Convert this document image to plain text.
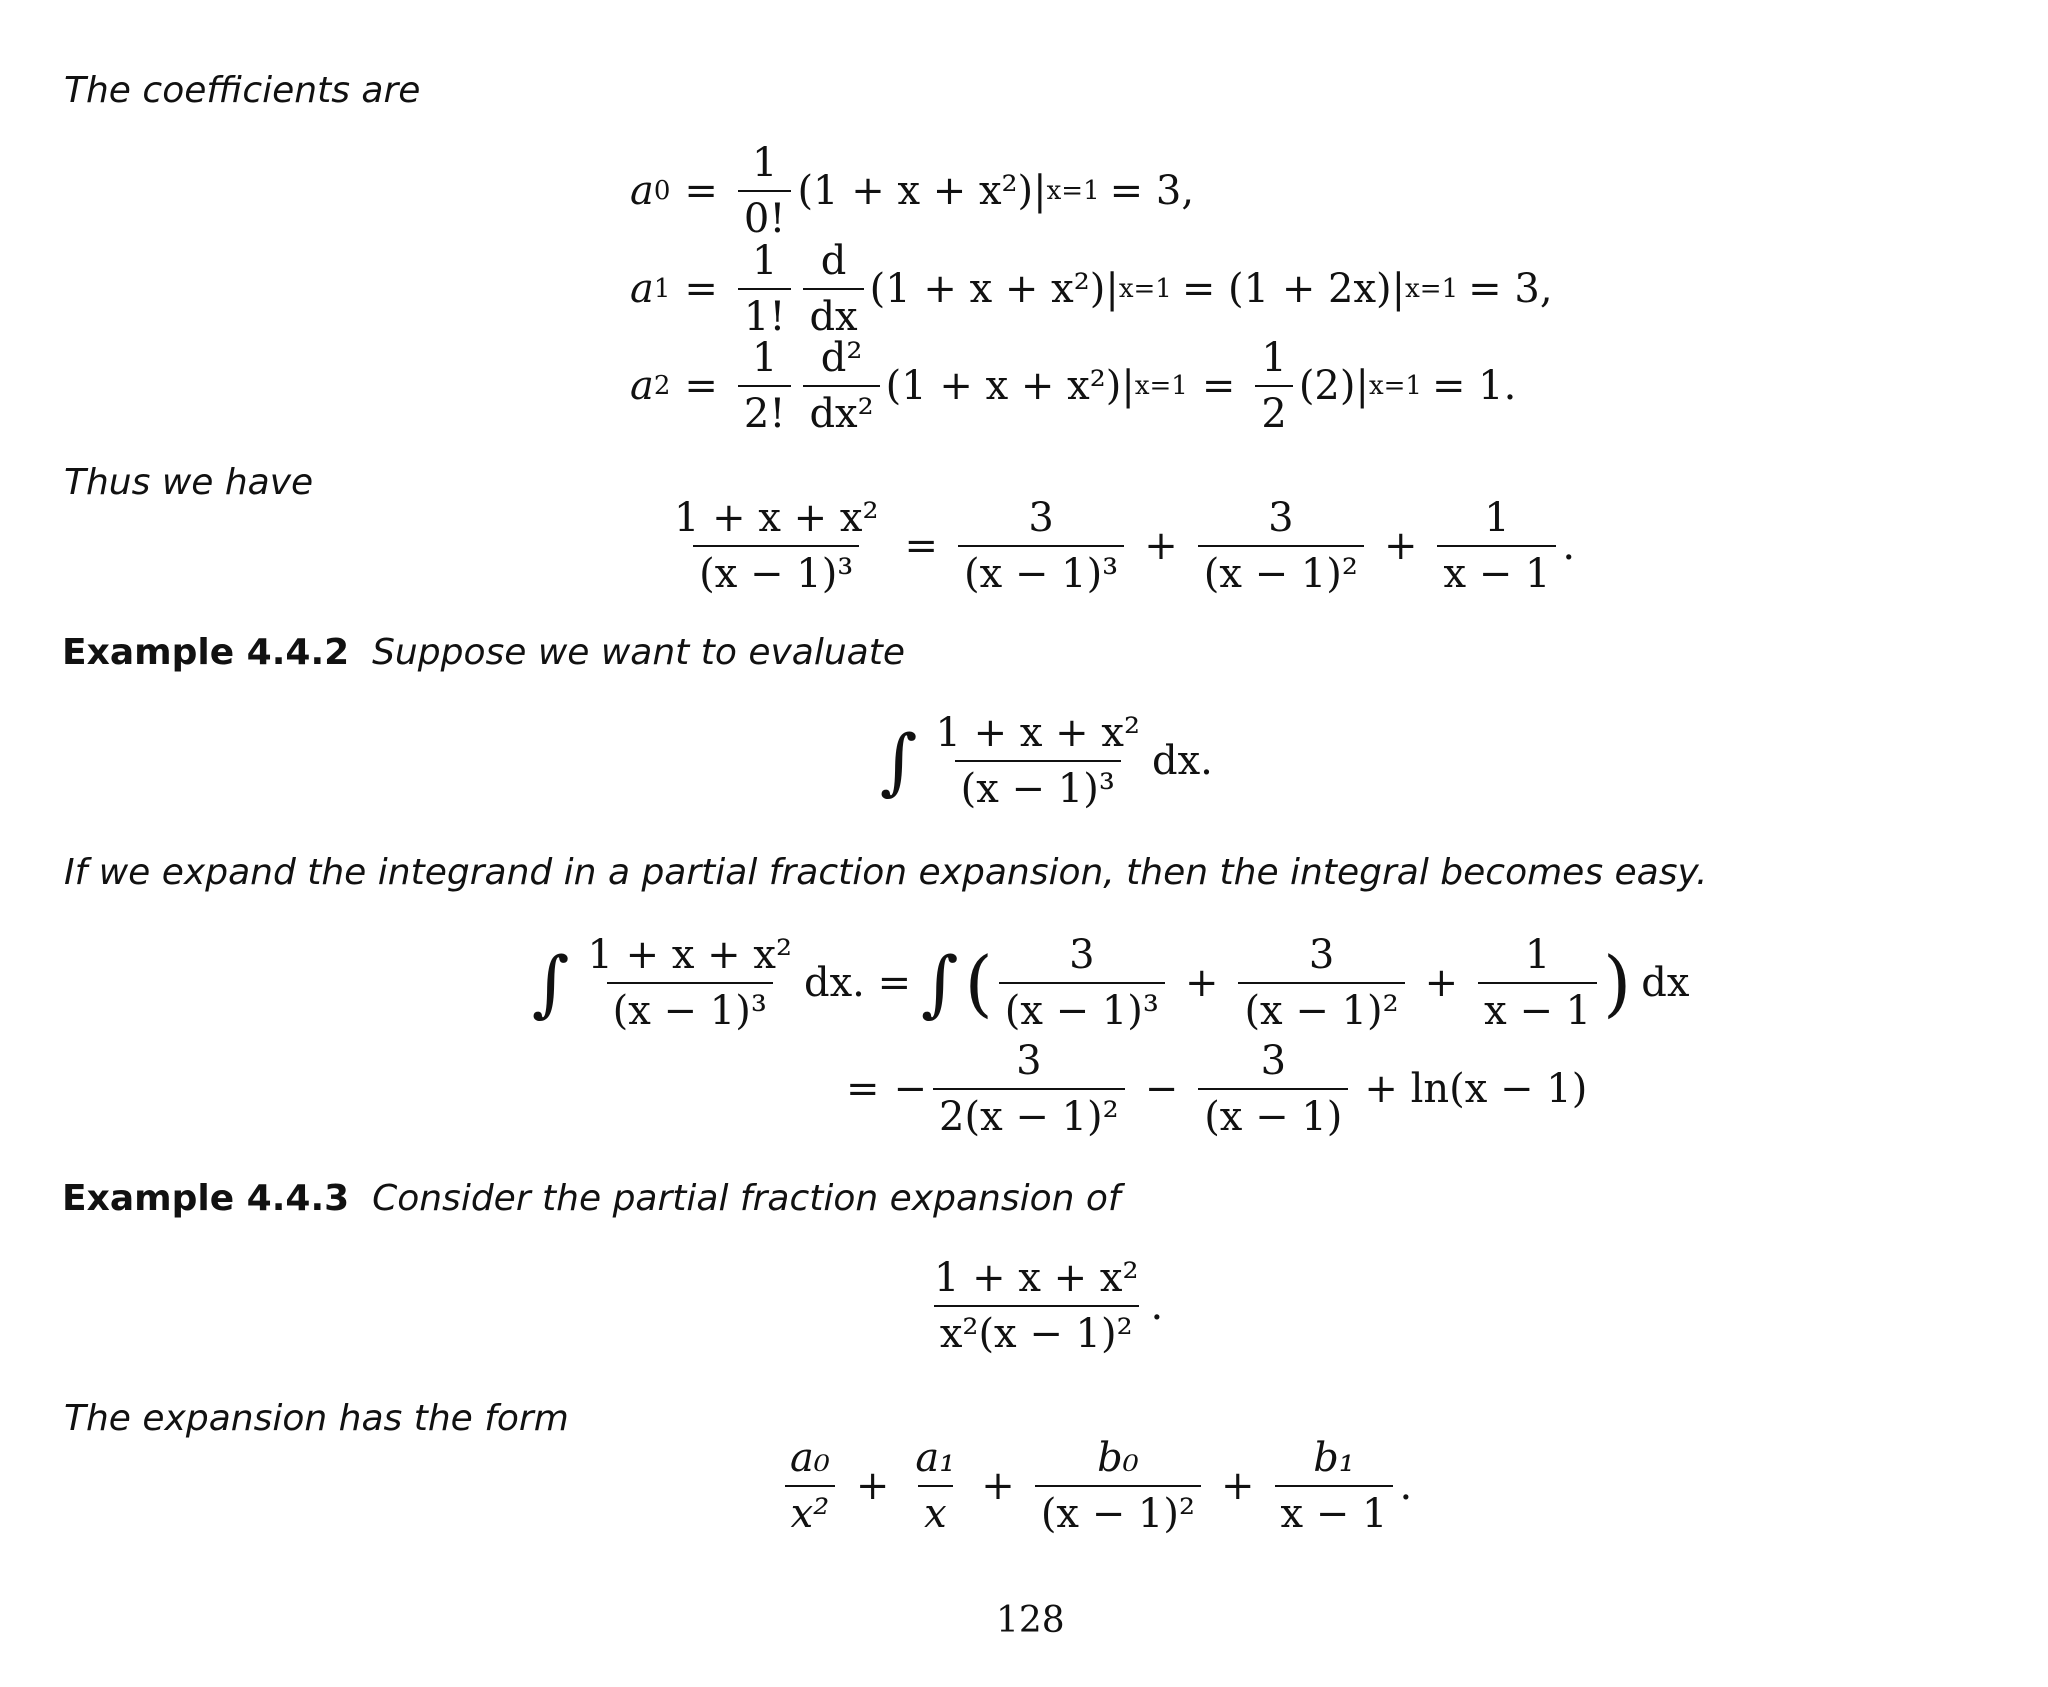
The coefficients are
a $0 = \frac{1}{0!} (1 + x + x^2)|$ x=1 = 3,
a $1 = \frac{1}{1!} \frac{d}{dx} (1 + x + x^2)|$ x=1 = (1 + 2x)| x=1 = 3,
a $2 = \frac{1}{2!} \frac{\text{d²}}{\text{dx²}} (1 + x + x^2)|$ $x=1 = \frac{1}{2} (2)|$ x=1 = 1.
Thus we have
$\frac{\text{1 + x + x²}}{\text{(x − 1)³}} = \frac{3}{\text{(x − 1)³}} + \frac{3}{\text{(x − 1)²}} + \frac{1}{x - 1}$ .
Example 4.4.2 Suppose we want to evaluate
∫ $\frac{\text{1 + x + x²}}{\text{(x − 1)³}}$ dx.
If we expand the integrand in a partial fraction expansion, then the integral becomes easy.
∫ $\frac{\text{1 + x + x²}}{\text{(x − 1)³}}$ dx. = ∫ ( $\frac{3}{\text{(x − 1)³}} + \frac{3}{\text{(x − 1)²}} + \frac{1}{x - 1}$ ) dx
= − $\frac{3}{\text{2(x − 1)²}} - \frac{3}{(x - 1)} + \ln(x - 1)$
Example 4.4.3 Consider the partial fraction expansion of
$\frac{\text{1 + x + x²}}{\text{x²(x − 1)²}}$ .
The expansion has the form
$\frac{\text{a₀}}{\text{x²}} + \frac{\text{a₁}}{x} + \frac{\text{b₀}}{\text{(x − 1)²}} + \frac{\text{b₁}}{x - 1}$ .
128
